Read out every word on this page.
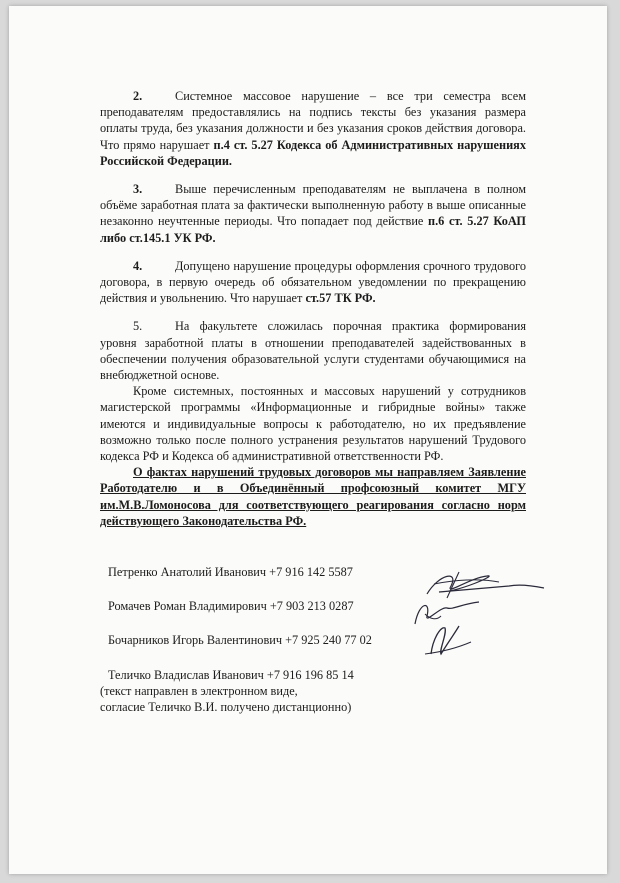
2.	Системное массовое нарушение – все три семестра всем преподавателям предоставлялись на подпись тексты без указания размера оплаты труда, без указания должности и без указания сроков действия договора. Что прямо нарушает п.4 ст. 5.27 Кодекса об Административных нарушениях Российской Федерации.

3.	Выше перечисленным преподавателям не выплачена в полном объёме заработная плата за фактически выполненную работу в выше описанные незаконно неучтенные периоды. Что попадает под действие п.6 ст. 5.27 КоАП либо ст.145.1 УК РФ.

4.	Допущено нарушение процедуры оформления срочного трудового договора, в первую очередь об обязательном уведомлении по прекращению действия и увольнению. Что нарушает ст.57 ТК РФ.

5.	На факультете сложилась порочная практика формирования уровня заработной платы в отношении преподавателей задействованных в обеспечении получения образовательной услуги студентами обучающимися на внебюджетной основе.

Кроме системных, постоянных и массовых нарушений у сотрудников магистерской программы «Информационные и гибридные войны» также имеются и индивидуальные вопросы к работодателю, но их предъявление возможно только после полного устранения результатов нарушений Трудового кодекса РФ и Кодекса об административной ответственности РФ.

О фактах нарушений трудовых договоров мы направляем Заявление Работодателю и в Объединённый профсоюзный комитет МГУ им.М.В.Ломоносова для соответствующего реагирования согласно норм действующего Законодательства РФ.

Петренко Анатолий Иванович +7 916 142 5587

Ромачев Роман Владимирович +7 903 213 0287

Бочарников Игорь Валентинович +7 925 240 77 02

Теличко Владислав Иванович +7 916 196 85 14

(текст направлен в электронном виде,

согласие Теличко В.И. получено дистанционно)
